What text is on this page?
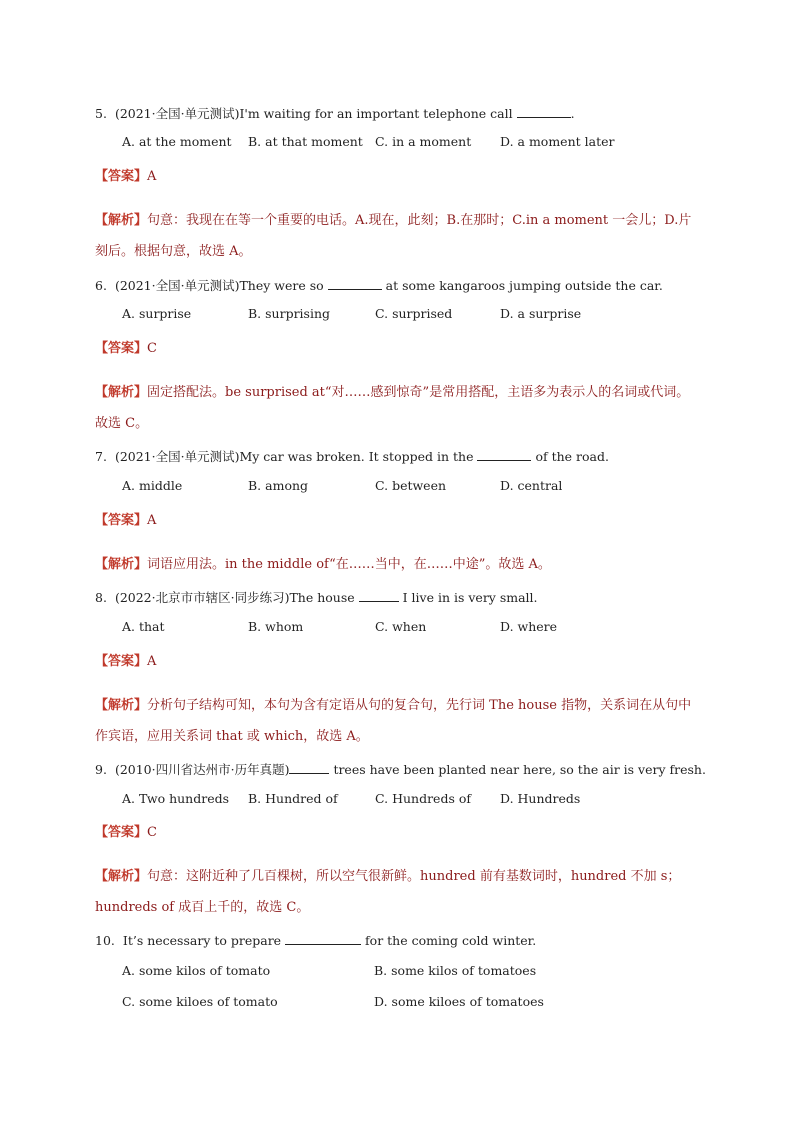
5. (2021·全国·单元测试)I'm waiting for an important telephone call	.
A. at the moment B. at that moment C. in a moment D. a moment later
【答案】A
【解析】句意：我现在在等一个重要的电话。A.现在，此刻；B.在那时；C.in a moment 一会儿；D.片刻后。根据句意，故选 A。
6. (2021·全国·单元测试)They were so	at some kangaroos jumping outside the car.
A. surprise	B. surprising	C. surprised	D. a surprise
【答案】C
【解析】固定搭配法。be surprised at“对……感到惊奇”是常用搭配，主语多为表示人的名词或代词。故选 C。
7. (2021·全国·单元测试)My car was broken. It stopped in the	of the road.
A. middle	B. among	C. between	D. central
【答案】A
【解析】词语应用法。in the middle of“在……当中，在……中途”。故选 A。
8. (2022·北京市市辖区·同步练习)The house	I live in is very small.
A. that	B. whom	C. when	D. where
【答案】A
【解析】分析句子结构可知，本句为含有定语从句的复合句，先行词 The house 指物，关系词在从句中作宾语，应用关系词 that 或 which，故选 A。
9. (2010·四川省达州市·历年真题)	trees have been planted near here, so the air is very fresh.
A. Two hundreds B. Hundred of	C. Hundreds of D. Hundreds
【答案】C
【解析】句意：这附近种了几百棵树，所以空气很新鲜。hundred 前有基数词时，hundred 不加 s；hundreds of 成百上千的，故选 C。
10. It’s necessary to prepare	for the coming cold winter.
A. some kilos of tomato	B. some kilos of tomatoes
C. some kiloes of tomato	D. some kiloes of tomatoes
